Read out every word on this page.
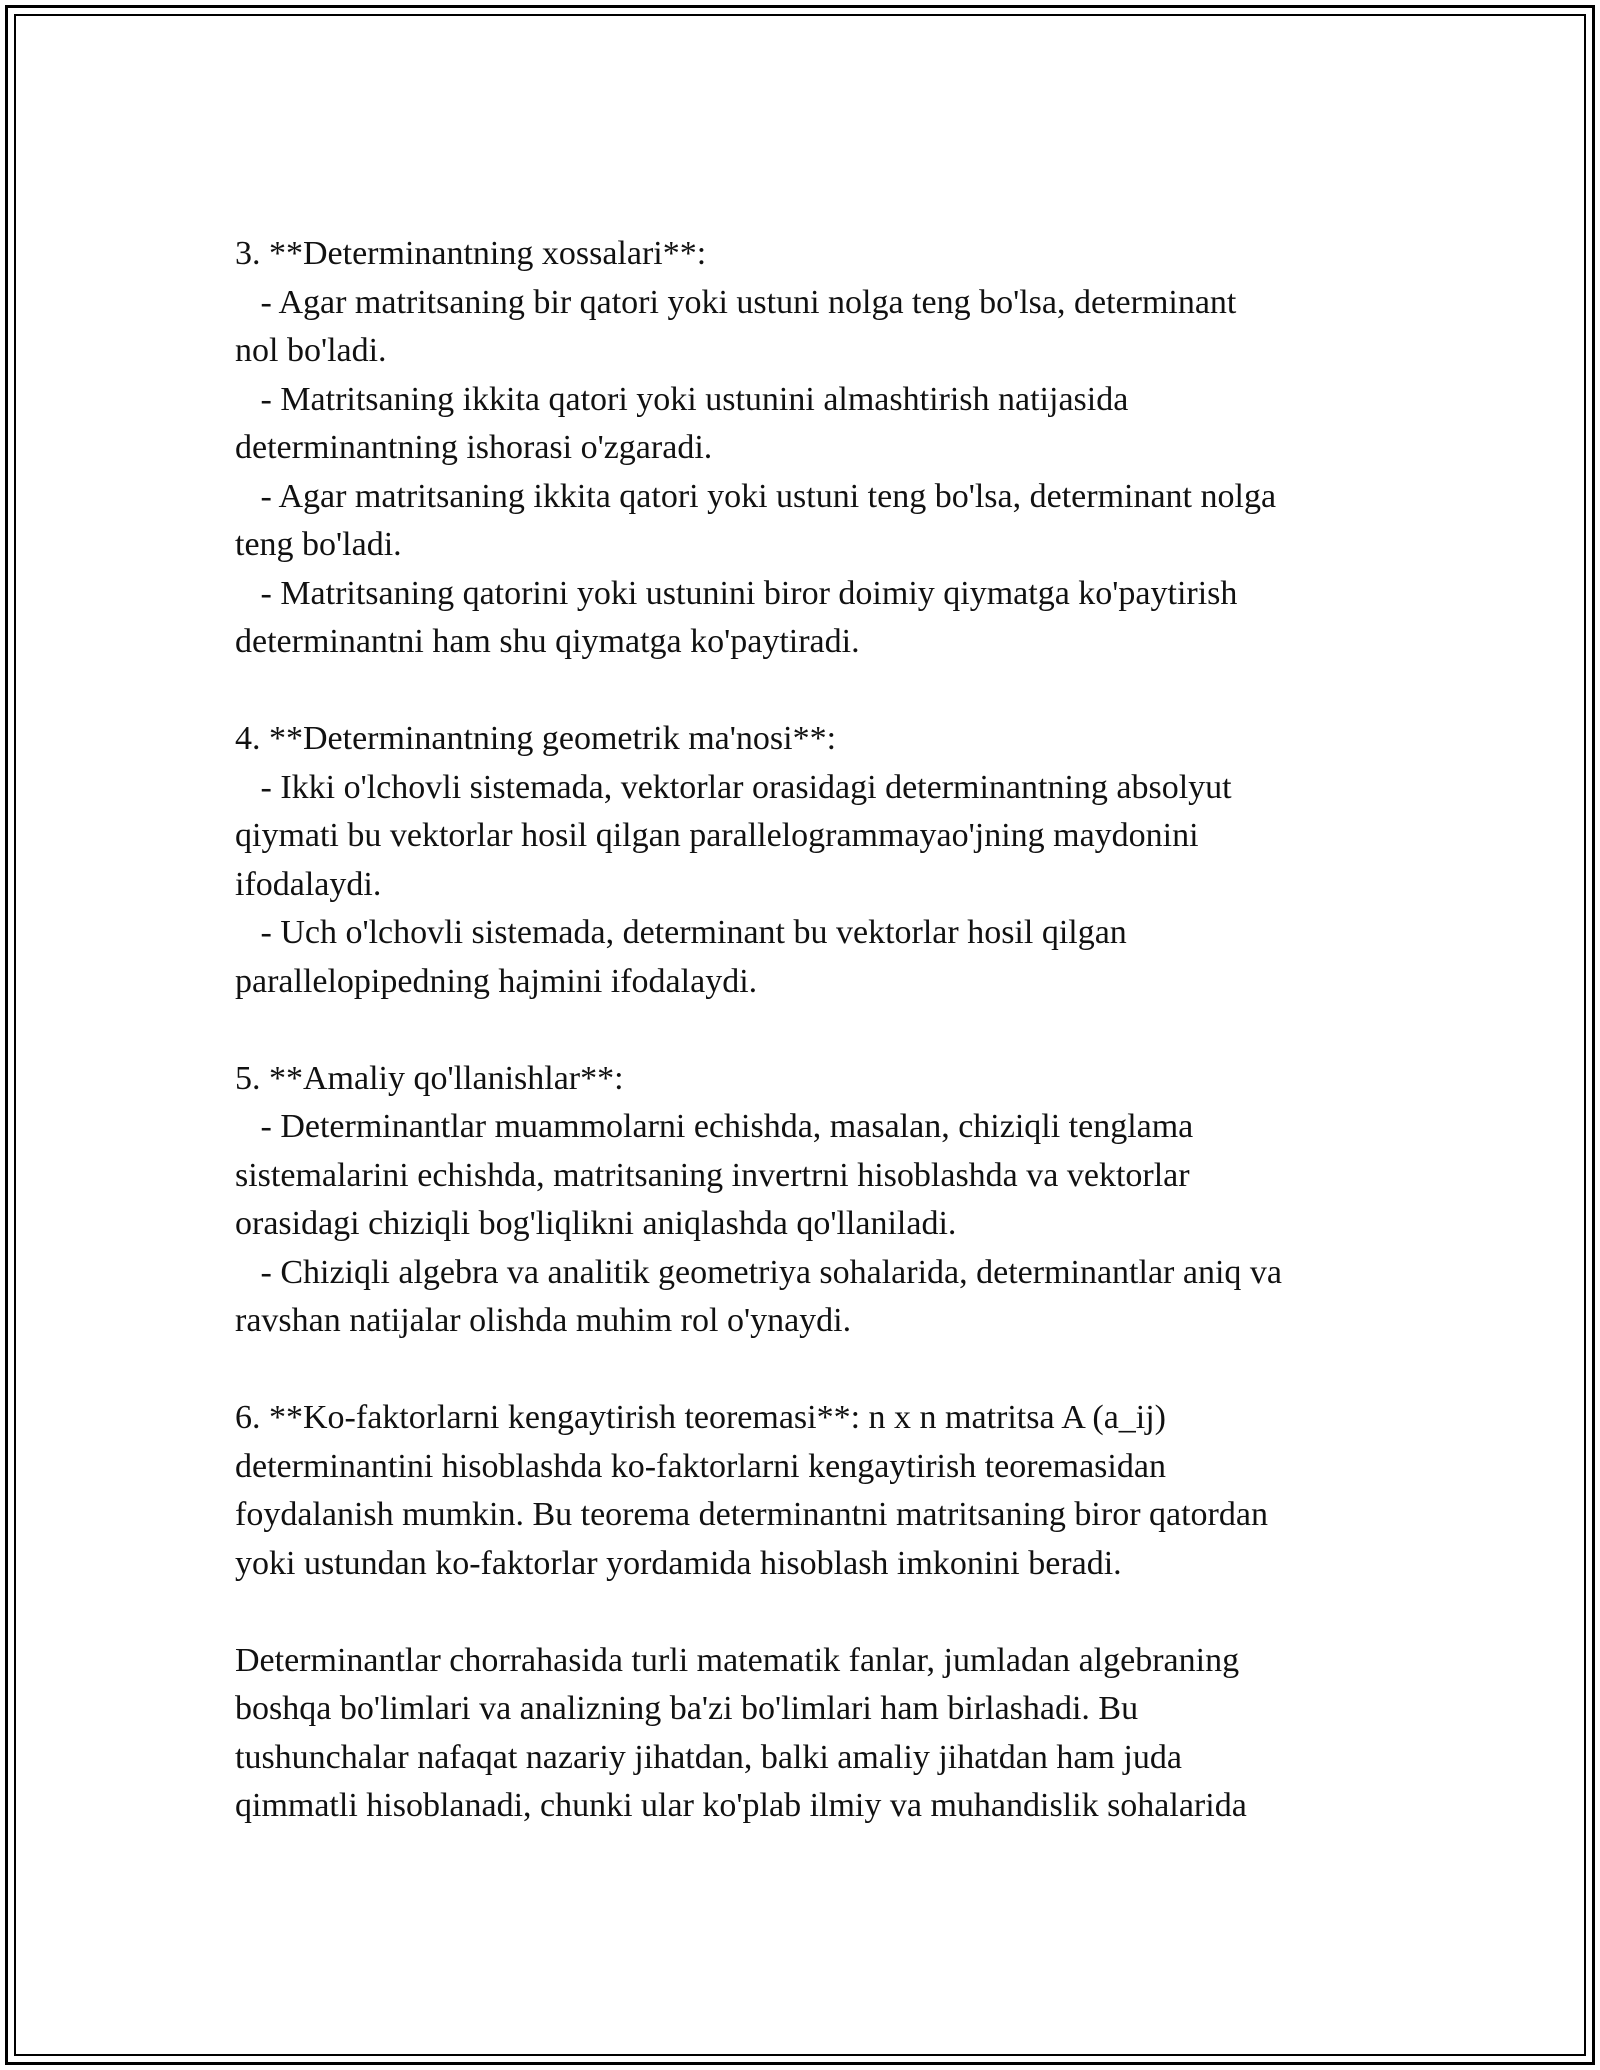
3. **Determinantning xossalari**:
- Agar matritsaning bir qatori yoki ustuni nolga teng bo'lsa, determinant
nol bo'ladi.
- Matritsaning ikkita qatori yoki ustunini almashtirish natijasida
determinantning ishorasi o'zgaradi.
- Agar matritsaning ikkita qatori yoki ustuni teng bo'lsa, determinant nolga
teng bo'ladi.
- Matritsaning qatorini yoki ustunini biror doimiy qiymatga ko'paytirish
determinantni ham shu qiymatga ko'paytiradi.
4. **Determinantning geometrik ma'nosi**:
- Ikki o'lchovli sistemada, vektorlar orasidagi determinantning absolyut
qiymati bu vektorlar hosil qilgan parallelogrammayao'jning maydonini
ifodalaydi.
- Uch o'lchovli sistemada, determinant bu vektorlar hosil qilgan
parallelopipedning hajmini ifodalaydi.
5. **Amaliy qo'llanishlar**:
- Determinantlar muammolarni echishda, masalan, chiziqli tenglama
sistemalarini echishda, matritsaning invertrni hisoblashda va vektorlar
orasidagi chiziqli bog'liqlikni aniqlashda qo'llaniladi.
- Chiziqli algebra va analitik geometriya sohalarida, determinantlar aniq va
ravshan natijalar olishda muhim rol o'ynaydi.
6. **Ko-faktorlarni kengaytirish teoremasi**: n x n matritsa A (a_ij)
determinantini hisoblashda ko-faktorlarni kengaytirish teoremasidan
foydalanish mumkin. Bu teorema determinantni matritsaning biror qatordan
yoki ustundan ko-faktorlar yordamida hisoblash imkonini beradi.
Determinantlar chorrahasida turli matematik fanlar, jumladan algebraning
boshqa bo'limlari va analizning ba'zi bo'limlari ham birlashadi. Bu
tushunchalar nafaqat nazariy jihatdan, balki amaliy jihatdan ham juda
qimmatli hisoblanadi, chunki ular ko'plab ilmiy va muhandislik sohalarida
